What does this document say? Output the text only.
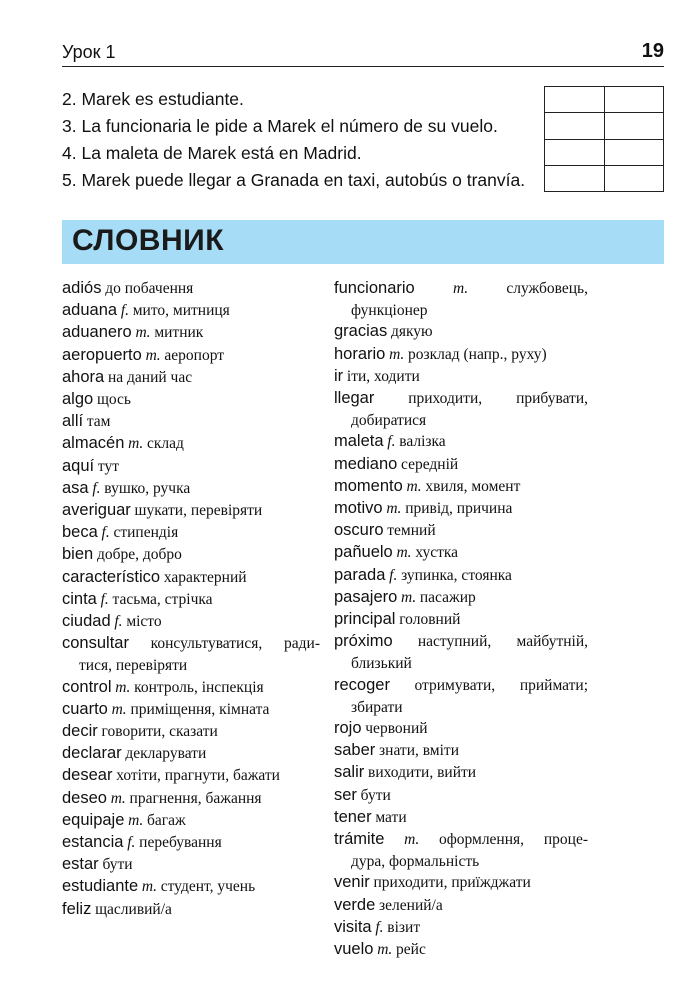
Урок 1	19
2. Marek es estudiante.
3. La funcionaria le pide a Marek el número de su vuelo.
4. La maleta de Marek está en Madrid.
5. Marek puede llegar a Granada en taxi, autobús o tranvía.

СЛОВНИК
adiós до побачення
aduana f. мито, митниця
aduanero m. митник
aeropuerto m. аеропорт
ahora на даний час
algo щось
allí там
almacén m. склад
aquí тут
asa f. вушко, ручка
averiguar шукати, перевіряти
beca f. стипендія
bien добре, добро
característico характерний
cinta f. тасьма, стрічка
ciudad f. місто
consultar консультуватися, ради-
тися, перевіряти
control m. контроль, інспекція
cuarto m. приміщення, кімната
decir говорити, сказати
declarar декларувати
desear хотіти, прагнути, бажати
deseo m. прагнення, бажання
equipaje m. багаж
estancia f. перебування
estar бути
estudiante m. студент, учень
feliz щасливий/а
funcionario m. службовець,
функціонер
gracias дякую
horario m. розклад (напр., руху)
ir іти, ходити
llegar приходити, прибувати,
добиратися
maleta f. валізка
mediano середній
momento m. хвиля, момент
motivo m. привід, причина
oscuro темний
pañuelo m. хустка
parada f. зупинка, стоянка
pasajero m. пасажир
principal головний
próximo наступний, майбутній,
близький
recoger отримувати, приймати;
збирати
rojo червоний
saber знати, вміти
salir виходити, вийти
ser бути
tener мати
trámite m. оформлення, проце-
дура, формальність
venir приходити, приїжджати
verde зелений/а
visita f. візит
vuelo m. рейс
